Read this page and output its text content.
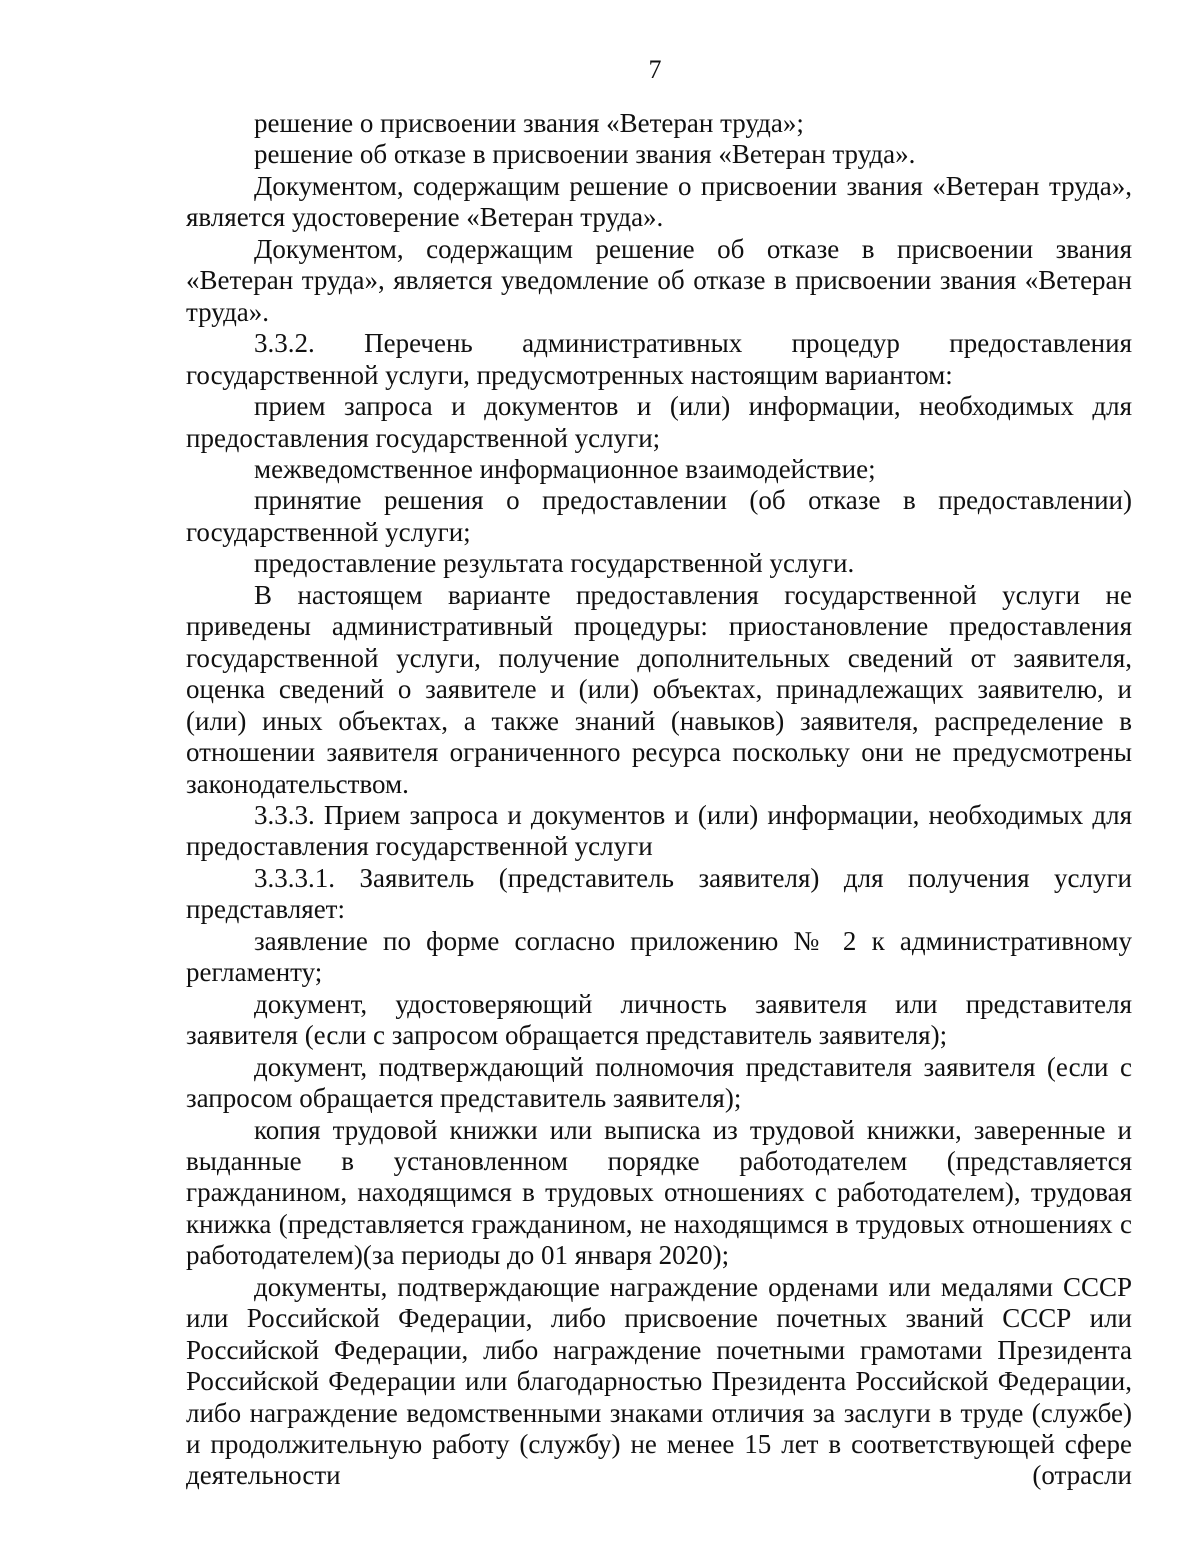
7

решение о присвоении звания «Ветеран труда»;

решение об отказе в присвоении звания «Ветеран труда».

Документом, содержащим решение о присвоении звания «Ветеран труда», является удостоверение «Ветеран труда».

Документом, содержащим решение об отказе в присвоении звания «Ветеран труда», является уведомление об отказе в присвоении звания «Ветеран труда».

3.3.2. Перечень административных процедур предоставления государственной услуги, предусмотренных настоящим вариантом:

прием запроса и документов и (или) информации, необходимых для предоставления государственной услуги;

межведомственное информационное взаимодействие;

принятие решения о предоставлении (об отказе в предоставлении) государственной услуги;

предоставление результата государственной услуги.

В настоящем варианте предоставления государственной услуги не приведены административный процедуры: приостановление предоставления государственной услуги, получение дополнительных сведений от заявителя, оценка сведений о заявителе и (или) объектах, принадлежащих заявителю, и (или) иных объектах, а также знаний (навыков) заявителя, распределение в отношении заявителя ограниченного ресурса поскольку они не предусмотрены законодательством.

3.3.3. Прием запроса и документов и (или) информации, необходимых для предоставления государственной услуги

3.3.3.1. Заявитель (представитель заявителя) для получения услуги представляет:

заявление по форме согласно приложению № 2 к административному регламенту;

документ, удостоверяющий личность заявителя или представителя заявителя (если с запросом обращается представитель заявителя);

документ, подтверждающий полномочия представителя заявителя (если с запросом обращается представитель заявителя);

копия трудовой книжки или выписка из трудовой книжки, заверенные и выданные в установленном порядке работодателем (представляется гражданином, находящимся в трудовых отношениях с работодателем), трудовая книжка (представляется гражданином, не находящимся в трудовых отношениях с работодателем)(за периоды до 01 января 2020);

документы, подтверждающие награждение орденами или медалями СССР или Российской Федерации, либо присвоение почетных званий СССР или Российской Федерации, либо награждение почетными грамотами Президента Российской Федерации или благодарностью Президента Российской Федерации, либо награждение ведомственными знаками отличия за заслуги в труде (службе) и продолжительную работу (службу) не менее 15 лет в соответствующей сфере деятельности (отрасли
